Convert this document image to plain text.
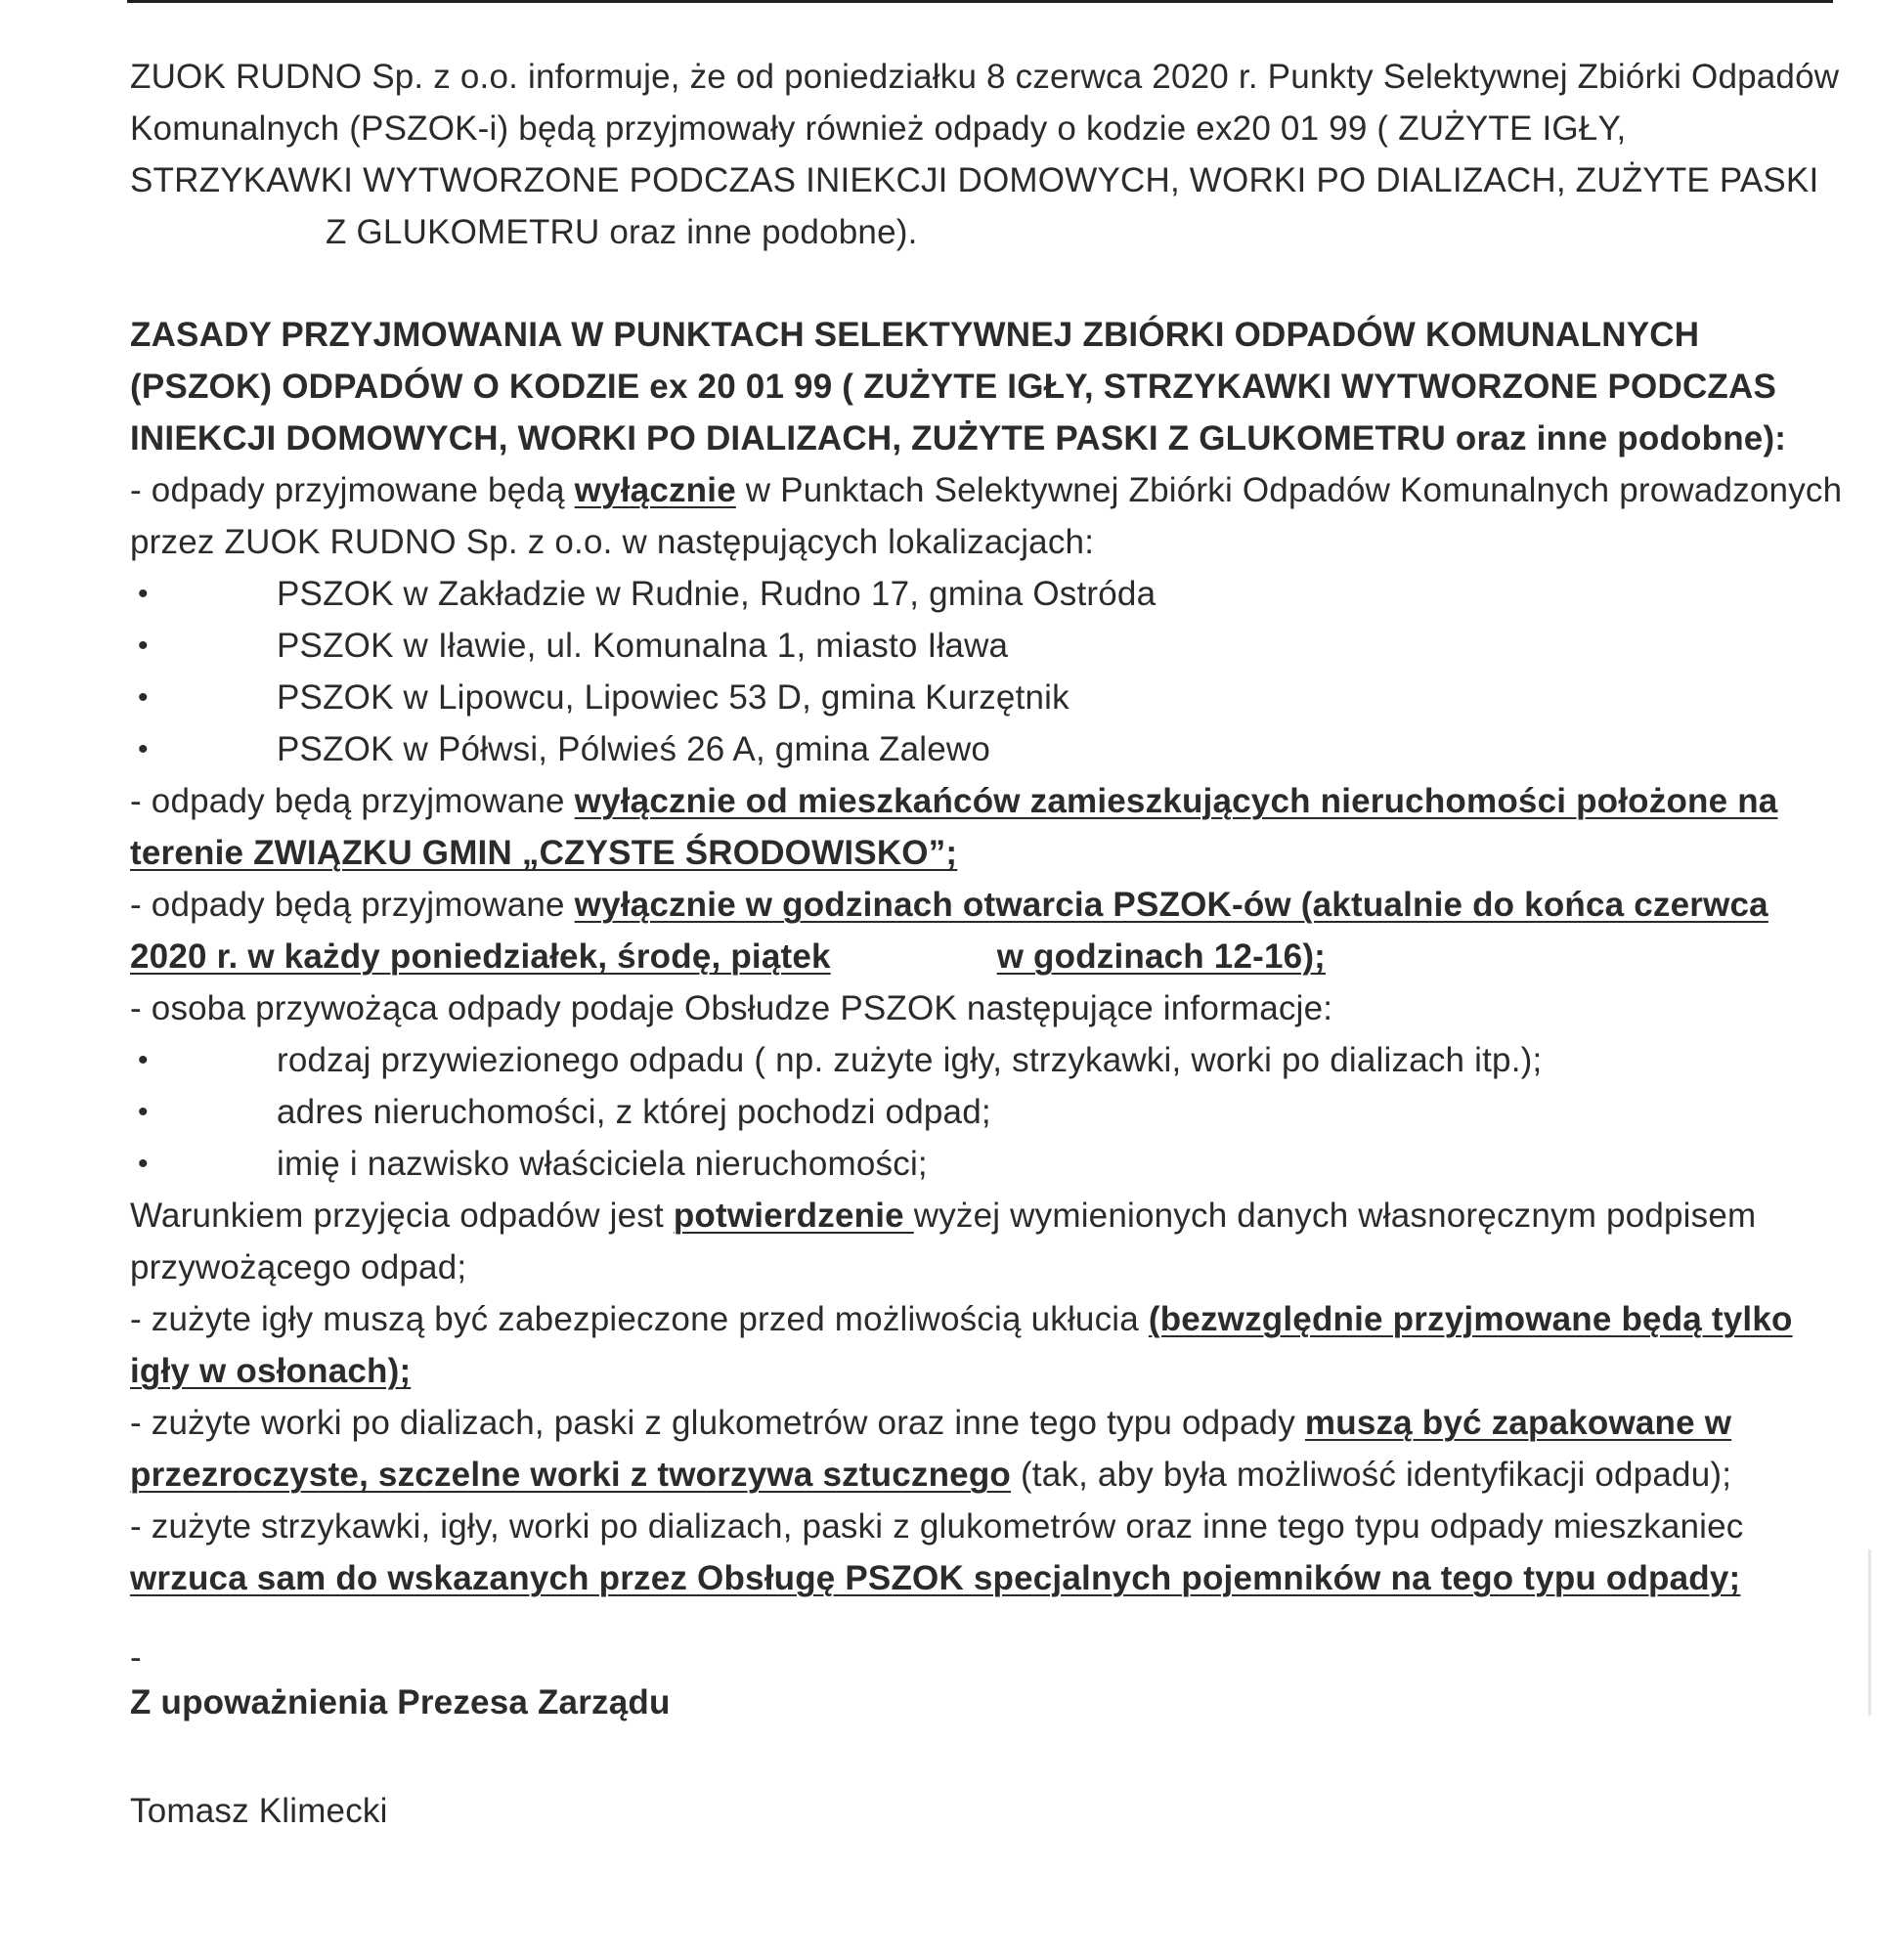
ZUOK RUDNO Sp. z o.o. informuje, że od poniedziałku 8 czerwca 2020 r. Punkty Selektywnej Zbiórki Odpadów Komunalnych (PSZOK-i) będą przyjmowały również odpady o kodzie ex20 01 99 ( ZUŻYTE IGŁY, STRZYKAWKI WYTWORZONE PODCZAS INIEKCJI DOMOWYCH, WORKI PO DIALIZACH, ZUŻYTE PASKIZ GLUKOMETRU oraz inne podobne).

ZASADY PRZYJMOWANIA W PUNKTACH SELEKTYWNEJ ZBIÓRKI ODPADÓW KOMUNALNYCH (PSZOK) ODPADÓW O KODZIE ex 20 01 99 ( ZUŻYTE IGŁY, STRZYKAWKI WYTWORZONE PODCZAS INIEKCJI DOMOWYCH, WORKI PO DIALIZACH, ZUŻYTE PASKI Z GLUKOMETRU oraz inne podobne):

- odpady przyjmowane będą wyłącznie w Punktach Selektywnej Zbiórki Odpadów Komunalnych prowadzonych przez ZUOK RUDNO Sp. z o.o. w następujących lokalizacjach:

•	PSZOK w Zakładzie w Rudnie, Rudno 17, gmina Ostróda
•	PSZOK w Iławie, ul. Komunalna 1, miasto Iława
•	PSZOK w Lipowcu, Lipowiec 53 D, gmina Kurzętnik
•	PSZOK w Półwsi, Pólwieś 26 A, gmina Zalewo

- odpady będą przyjmowane wyłącznie od mieszkańców zamieszkujących nieruchomości położone na terenie ZWIĄZKU GMIN „CZYSTE ŚRODOWISKO”;

- odpady będą przyjmowane wyłącznie w godzinach otwarcia PSZOK-ów (aktualnie do końca czerwca 2020 r. w każdy poniedziałek, środę, piątek	w godzinach 12-16);

- osoba przywożąca odpady podaje Obsłudze PSZOK następujące informacje:

•	rodzaj przywiezionego odpadu ( np. zużyte igły, strzykawki, worki po dializach itp.);
•	adres nieruchomości, z której pochodzi odpad;
•	imię i nazwisko właściciela nieruchomości;

Warunkiem przyjęcia odpadów jest potwierdzenie wyżej wymienionych danych własnoręcznym podpisem przywożącego odpad;

- zużyte igły muszą być zabezpieczone przed możliwością ukłucia (bezwzględnie przyjmowane będą tylko igły w osłonach);

- zużyte worki po dializach, paski z glukometrów oraz inne tego typu odpady muszą być zapakowane w przezroczyste, szczelne worki z tworzywa sztucznego (tak, aby była możliwość identyfikacji odpadu);

- zużyte strzykawki, igły, worki po dializach, paski z glukometrów oraz inne tego typu odpady mieszkaniec wrzuca sam do wskazanych przez Obsługę PSZOK specjalnych pojemników na tego typu odpady;

-

Z upoważnienia Prezesa Zarządu

Tomasz Klimecki
